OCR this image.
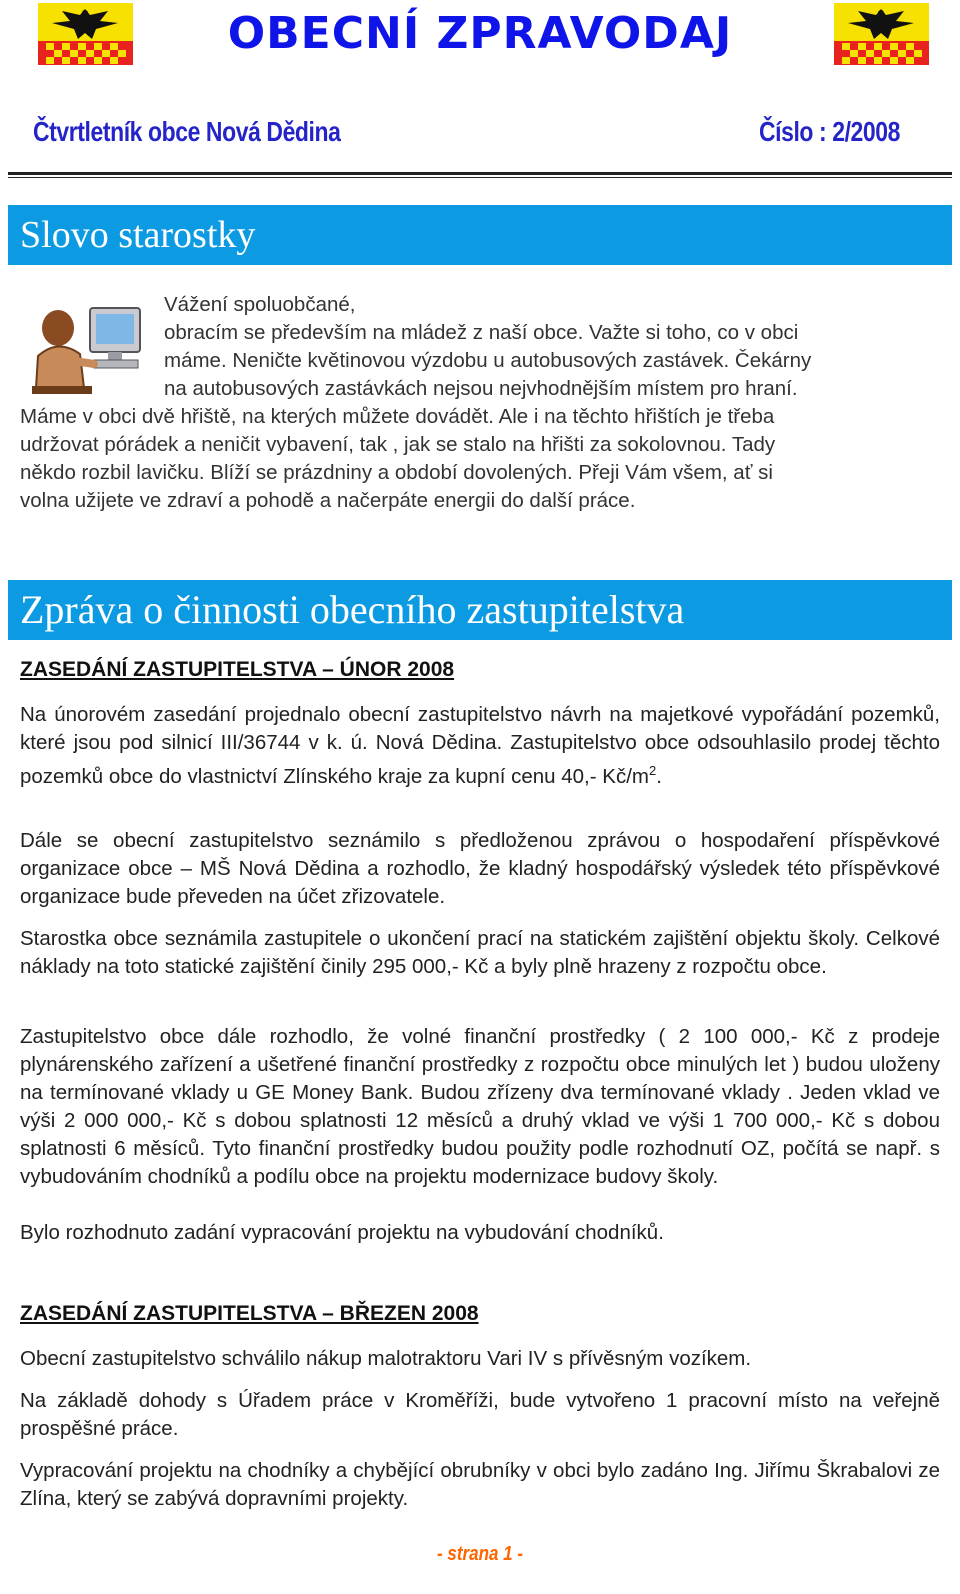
OBECNÍ ZPRAVODAJ
Čtvrtletník obce Nová Dědina	Číslo : 2/2008
Slovo starostky
Vážení spoluobčané,
obracím se především na mládež z naší obce. Važte si toho, co v obci
máme. Neničte květinovou výzdobu u autobusových zastávek. Čekárny
na autobusových zastávkách nejsou nejvhodnějším místem pro hraní.
Máme v obci dvě hřiště, na kterých můžete dovádět. Ale i na těchto hřištích je třeba
udržovat pórádek a neničit vybavení, tak , jak se stalo na hřišti za sokolovnou. Tady
někdo rozbil lavičku. Blíží se prázdniny a období dovolených. Přeji Vám všem, ať si
volna užijete ve zdraví a pohodě a načerpáte energii do další práce.
Zpráva o činnosti obecního zastupitelstva
ZASEDÁNÍ ZASTUPITELSTVA – ÚNOR 2008
Na únorovém zasedání projednalo obecní zastupitelstvo návrh na majetkové vypořádání pozemků, které jsou pod silnicí III/36744 v k. ú. Nová Dědina. Zastupitelstvo obce odsouhlasilo prodej těchto pozemků obce do vlastnictví Zlínského kraje za kupní cenu 40,- $Kč/m^2$.
Dále se obecní zastupitelstvo seznámilo s předloženou zprávou o hospodaření příspěvkové organizace obce – MŠ Nová Dědina a rozhodlo, že kladný hospodářský výsledek této příspěvkové organizace bude převeden na účet zřizovatele.
Starostka obce seznámila zastupitele o ukončení prací na statickém zajištění objektu školy. Celkové náklady na toto statické zajištění činily 295 000,- Kč a byly plně hrazeny z rozpočtu obce.
Zastupitelstvo obce dále rozhodlo, že volné finanční prostředky ( 2 100 000,- Kč z prodeje plynárenského zařízení a ušetřené finanční prostředky z rozpočtu obce minulých let ) budou uloženy na termínované vklady u GE Money Bank. Budou zřízeny dva termínované vklady . Jeden vklad ve výši 2 000 000,- Kč s dobou splatnosti 12 měsíců a druhý vklad ve výši 1 700 000,- Kč s dobou splatnosti 6 měsíců. Tyto finanční prostředky budou použity podle rozhodnutí OZ, počítá se např. s vybudováním chodníků a podílu obce na projektu modernizace budovy školy.
Bylo rozhodnuto zadání vypracování projektu na vybudování chodníků.
ZASEDÁNÍ ZASTUPITELSTVA – BŘEZEN 2008
Obecní zastupitelstvo schválilo nákup malotraktoru Vari IV s přívěsným vozíkem.
Na základě dohody s Úřadem práce v Kroměříži, bude vytvořeno 1 pracovní místo na veřejně prospěšné práce.
Vypracování projektu na chodníky a chybějící obrubníky v obci bylo zadáno Ing. Jiřímu Škrabalovi ze Zlína, který se zabývá dopravními projekty.
- strana 1 -
